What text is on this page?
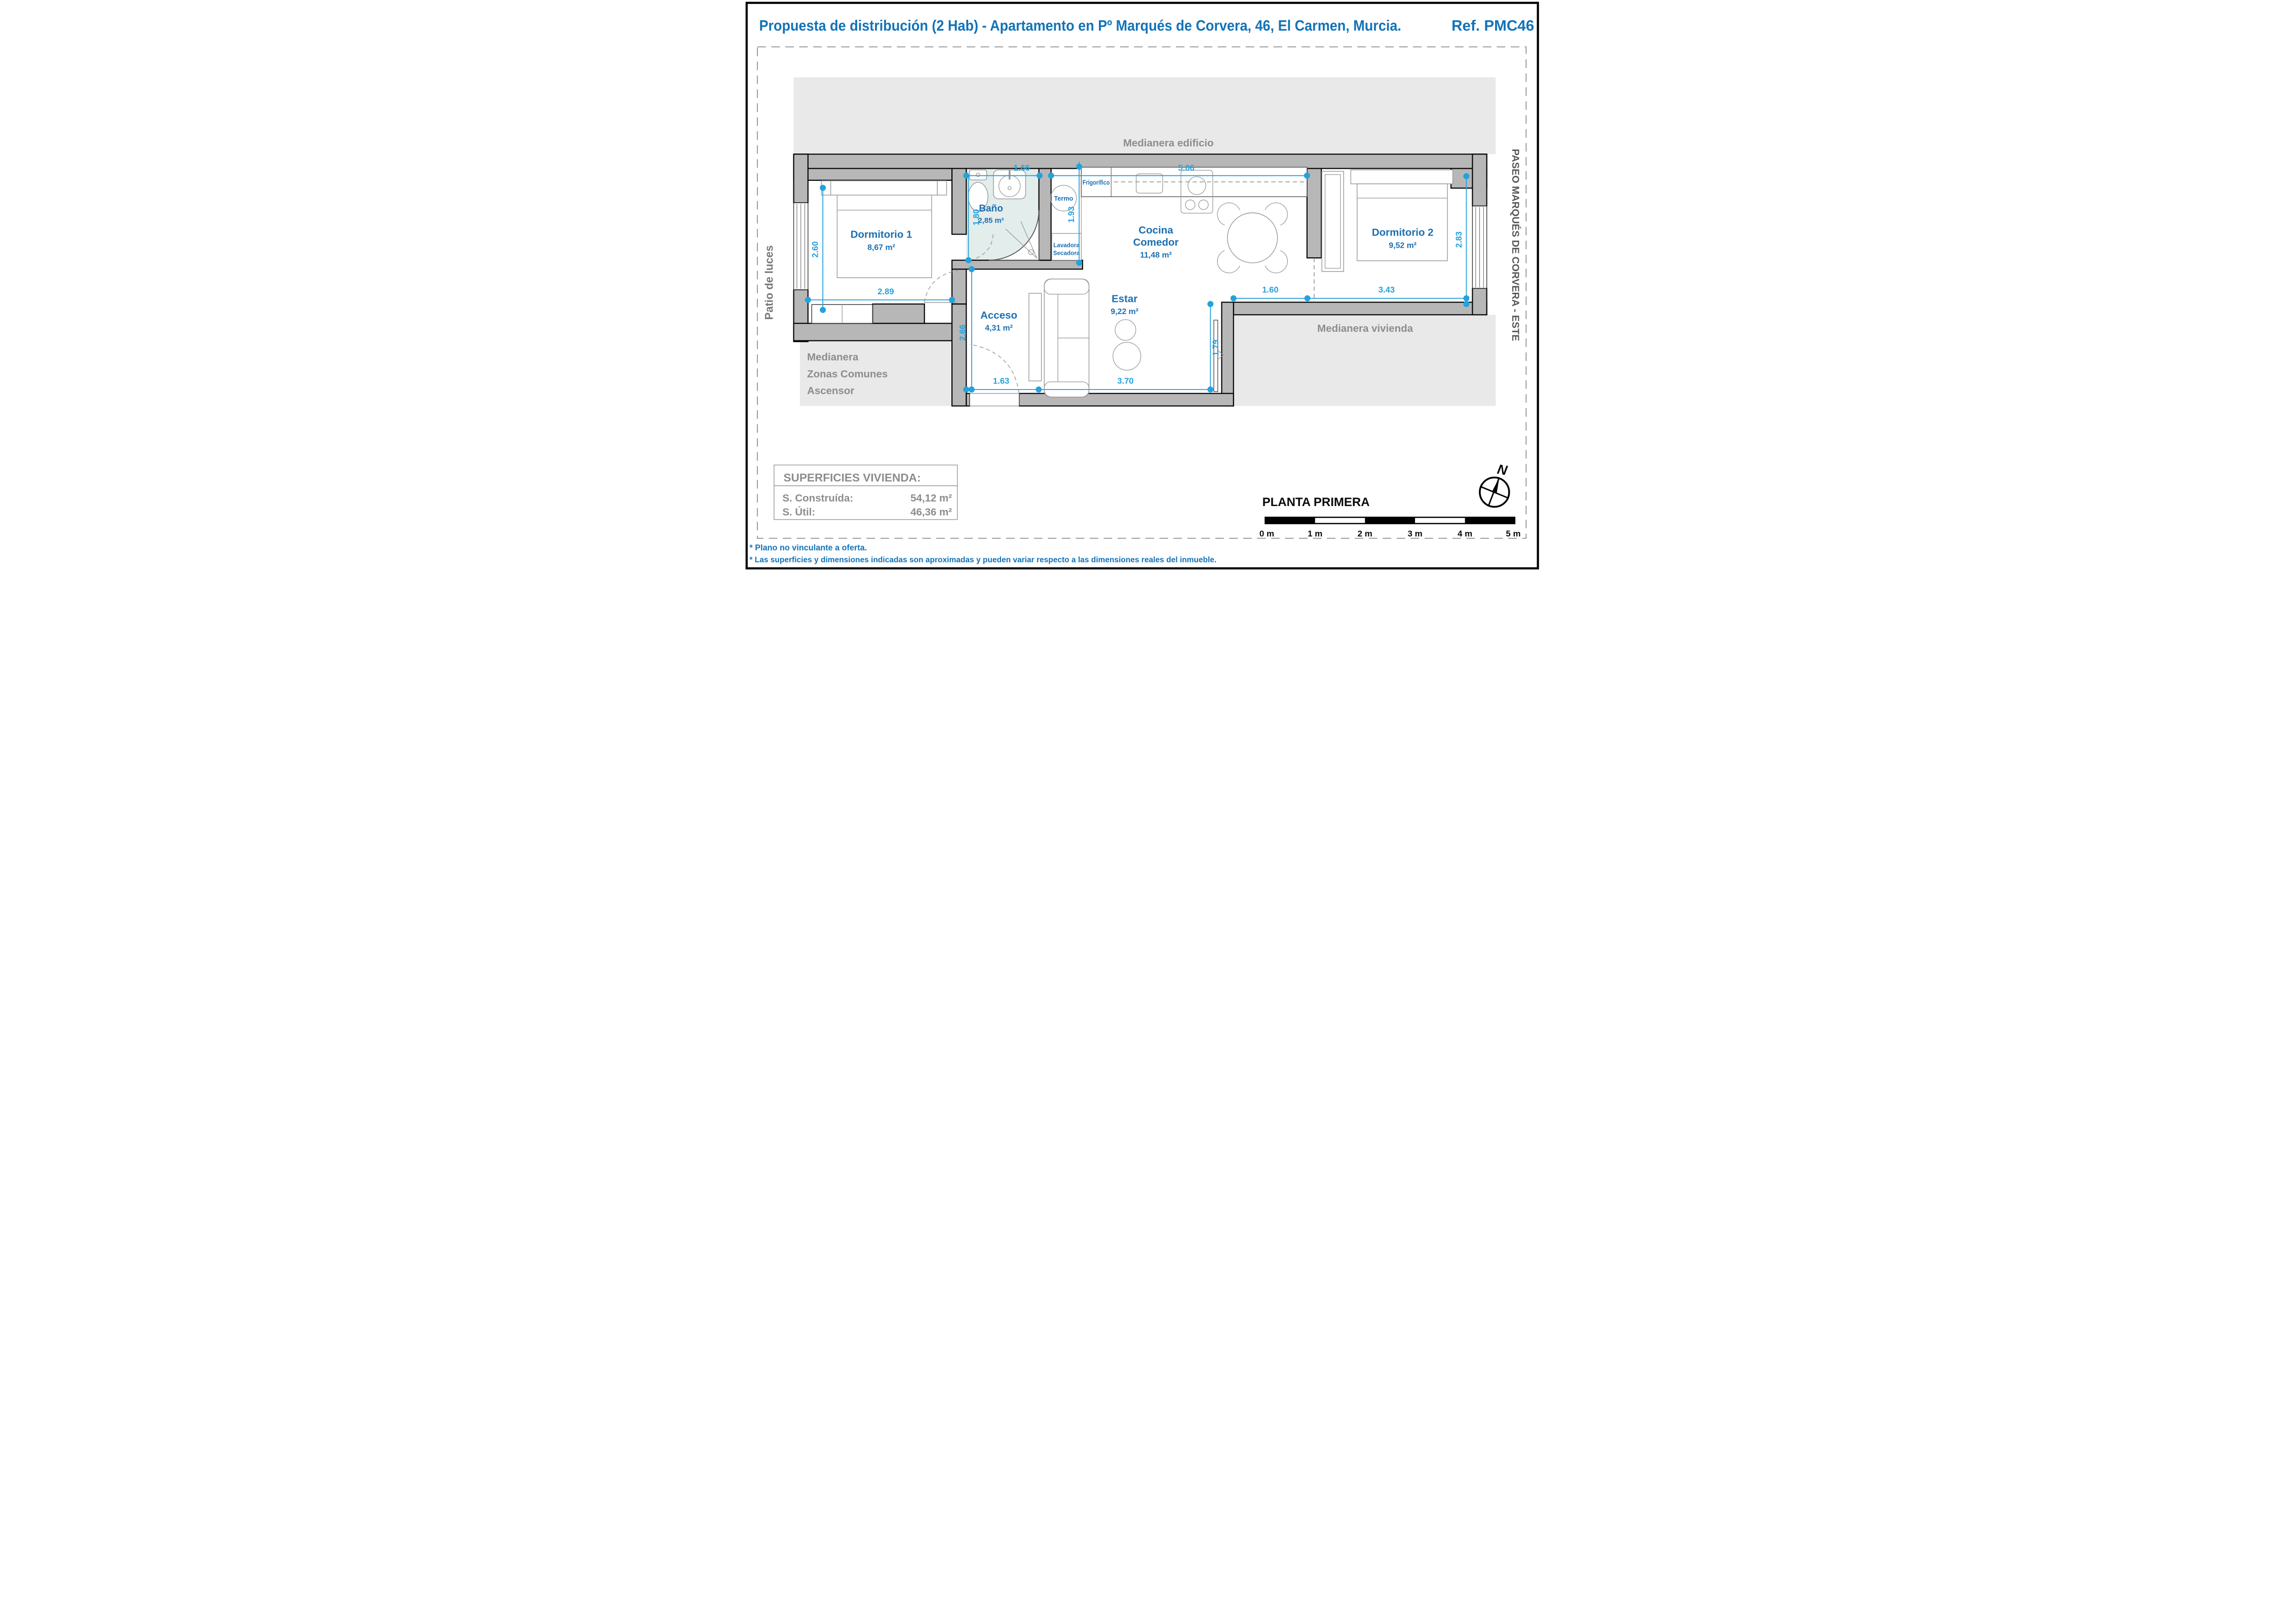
Propuesta de distribución (2 Hab) - Apartamento en Pº Marqués de Corvera, 46, El Carmen, Murcia. Ref. PMC46
Medianera edificio
Medianera
Zonas Comunes
Ascensor
Medianera vivienda
Patio de luces	PASEO MARQUÉS DE CORVERA - ESTE
Termo
Lavadora
Secadora
Frigorífico
1.66	5.06
1.93
1.80
2.60
2.89
2.66
1.63	3.70
1.79
1.60	3.43
2.83
Dormitorio 1
8,67 m²
Baño
2,85 m²
Cocina
Comedor
11,48 m²
Dormitorio 2
9,52 m²
Acceso
4,31 m²
Estar
9,22 m²
SUPERFICIES VIVIENDA:
S. Construída: 54,12 m²
S. Útil:	46,36 m²
PLANTA PRIMERA
0 m 1 m 2 m 3 m 4 m 5 m
N
* Plano no vinculante a oferta.
* Las superficies y dimensiones indicadas son aproximadas y pueden variar respecto a las dimensiones reales del inmueble.
